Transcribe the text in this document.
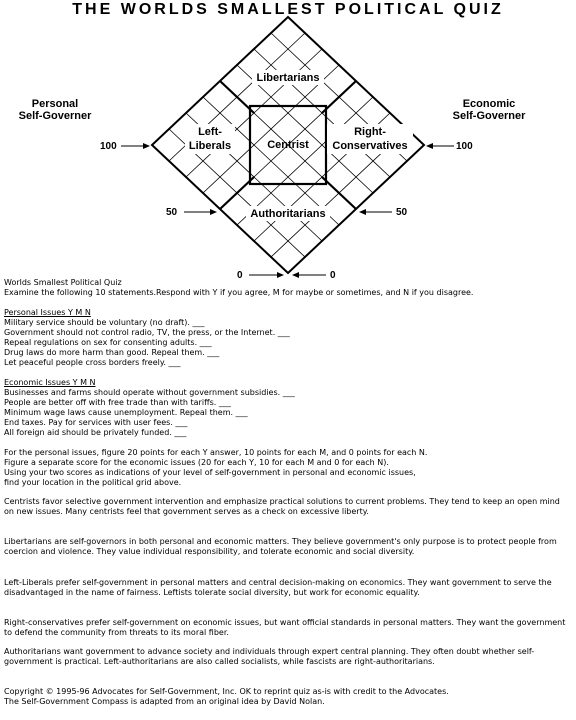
THE WORLDS SMALLEST POLITICAL QUIZ
Personal
Self-Governer
Economic
Self-Governer
Libertarians
Left-
Liberals	Centrist
Right-
Conservatives
Authoritarians
100	100
50	50
0	0
Worlds Smallest Political Quiz
Examine the following 10 statements.Respond with Y if you agree, M for maybe or sometimes, and N if you disagree.
Personal Issues Y M N
Military service should be voluntary (no draft). ___
Government should not control radio, TV, the press, or the Internet. ___
Repeal regulations on sex for consenting adults. ___
Drug laws do more harm than good. Repeal them. ___
Let peaceful people cross borders freely. ___
Economic Issues Y M N
Businesses and farms should operate without government subsidies. ___
People are better off with free trade than with tariffs. ___
Minimum wage laws cause unemployment. Repeal them. ___
End taxes. Pay for services with user fees. ___
All foreign aid should be privately funded. ___
For the personal issues, figure 20 points for each Y answer, 10 points for each M, and 0 points for each N.
Figure a separate score for the economic issues (20 for each Y, 10 for each M and 0 for each N).
Using your two scores as indications of your level of self-government in personal and economic issues,
find your location in the political grid above.
Centrists favor selective government intervention and emphasize practical solutions to current problems. They tend to keep an open mind on new issues. Many centrists feel that government serves as a check on excessive liberty.
Libertarians are self-governors in both personal and economic matters. They believe government's only purpose is to protect people from coercion and violence. They value individual responsibility, and tolerate economic and social diversity.
Left-Liberals prefer self-government in personal matters and central decision-making on economics. They want government to serve the disadvantaged in the name of fairness. Leftists tolerate social diversity, but work for economic equality.
Right-conservatives prefer self-government on economic issues, but want official standards in personal matters. They want the government to defend the community from threats to its moral fiber.
Authoritarians want government to advance society and individuals through expert central planning. They often doubt whether self-government is practical. Left-authoritarians are also called socialists, while fascists are right-authoritarians.
Copyright © 1995-96 Advocates for Self-Government, Inc. OK to reprint quiz as-is with credit to the Advocates.
The Self-Government Compass is adapted from an original idea by David Nolan.
